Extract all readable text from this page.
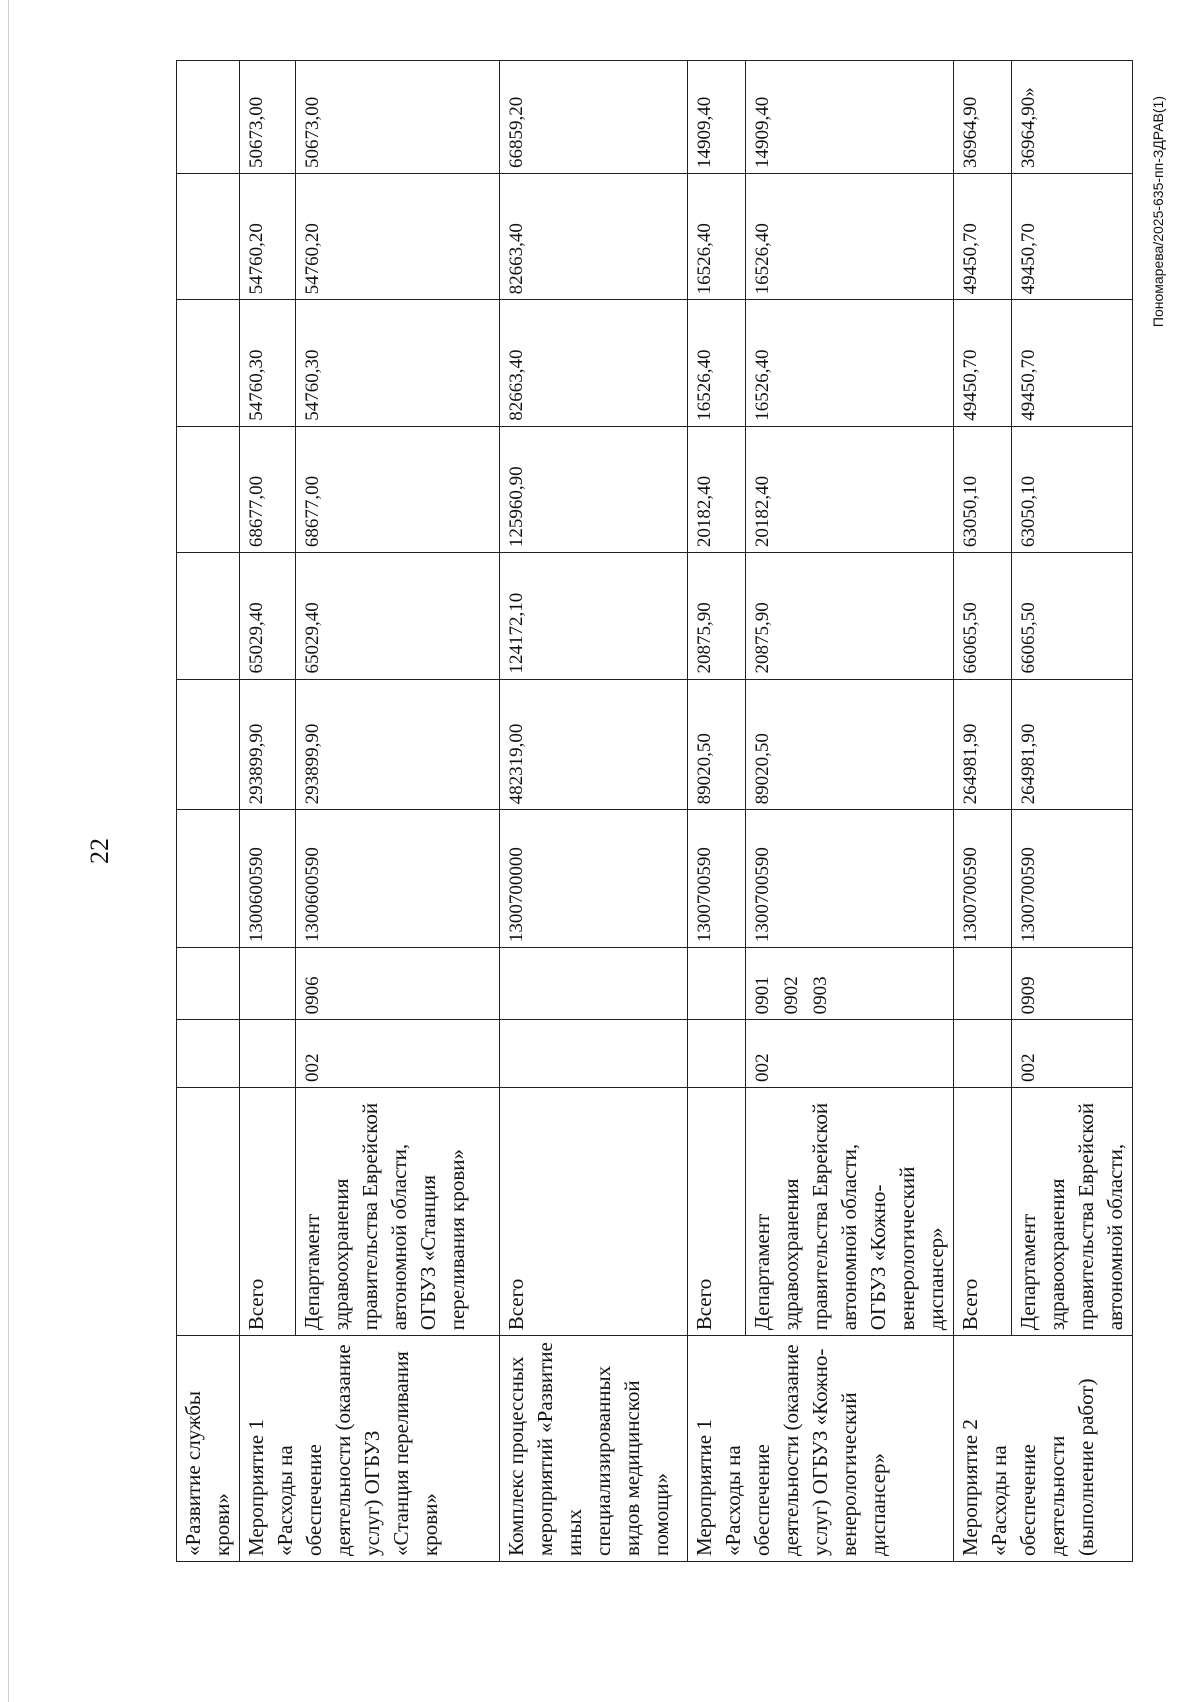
22
«Развитие службы крови»										
Мероприятие 1 «Расходы на обеспечение деятельности (оказание услуг) ОГБУЗ «Станция переливания крови»	Всего			1300600590	293899,90	65029,40	68677,00	54760,30	54760,20	50673,00
	Департамент здравоохранения правительства Еврейской автономной области, ОГБУЗ «Станция переливания крови»	002	0906	1300600590	293899,90	65029,40	68677,00	54760,30	54760,20	50673,00
Комплекс процессных мероприятий «Развитие иных специализированных видов медицинской помощи»	Всего			1300700000	482319,00	124172,10	125960,90	82663,40	82663,40	66859,20
Мероприятие 1 «Расходы на обеспечение деятельности (оказание услуг) ОГБУЗ «Кожно-венерологический диспансер»	Всего			1300700590	89020,50	20875,90	20182,40	16526,40	16526,40	14909,40
	Департамент здравоохранения правительства Еврейской автономной области, ОГБУЗ «Кожно-венерологический диспансер»	002	0901 0902 0903	1300700590	89020,50	20875,90	20182,40	16526,40	16526,40	14909,40
Мероприятие 2 «Расходы на обеспечение деятельности (выполнение работ)	Всего			1300700590	264981,90	66065,50	63050,10	49450,70	49450,70	36964,90
	Департамент здравоохранения правительства Еврейской автономной области,	002	0909	1300700590	264981,90	66065,50	63050,10	49450,70	49450,70	36964,90»	Пономарева/2025-635-пп-ЗДРАВ(1)
